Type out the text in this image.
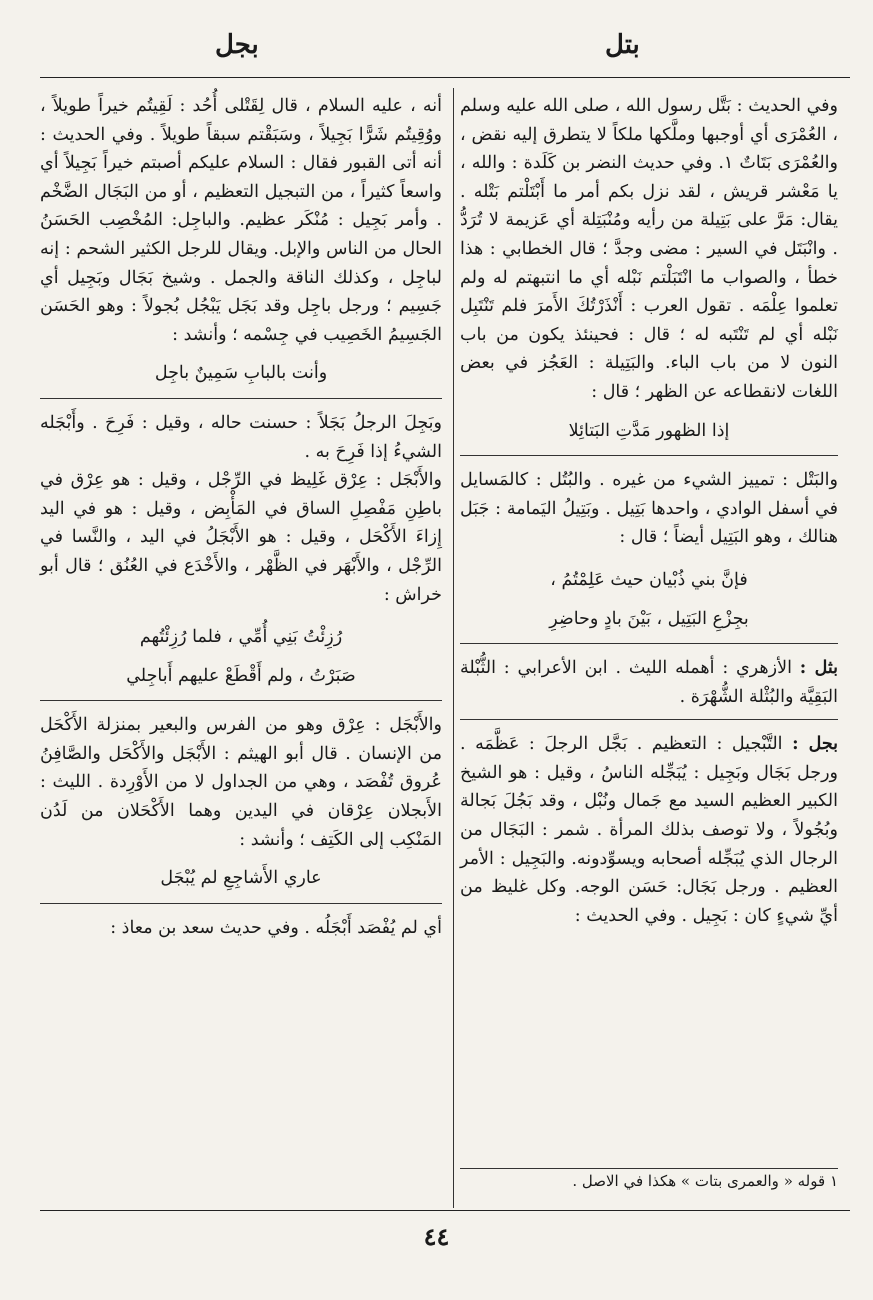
بتل
بجل

وفي الحديث : بَتَّل رسول الله ، صلى الله عليه وسلم ، العُمْرَى أي أوجبها وملَّكها ملكاً لا يتطرق إليه نقض ، والعُمْرَى بَتَاتٌ ١. وفي حديث النضر بن كَلَدة : والله ، يا مَعْشر قريش ، لقد نزل بكم أمر ما أَبْتَلْتم بَتْله . يقال: مَرَّ على بَتِيلة من رأيه ومُنْبَتِلة أي عَزيمة لا تُرَدُّ . وانْبَتَل في السير : مضى وجدَّ ؛ قال الخطابي : هذا خطأ ، والصواب ما انْتَبَلْتم نَبْله أي ما انتبهتم له ولم تعلموا عِلْمَه . تقول العرب : أَنْذَرْتُكَ الأَمرَ فلم تَنْتَبِل نَبْله أي لم تَنْتَبه له ؛ قال : فحينئذ يكون من باب النون لا من باب الباء. والبَتِيلة : العَجُز في بعض اللغات لانقطاعه عن الظهر ؛ قال :

إذا الظهور مَدَّتِ البَتائِلا

والبَتْل : تمييز الشيء من غيره . والبُتُل : كالمَسايل في أسفل الوادي ، واحدها بَتِيل . وبَتِيلُ اليَمامة : جَبَل هنالك ، وهو البَتِيل أيضاً ؛ قال :

فإنَّ بني ذُبْيان حيث عَلِمْتُمُ ،

بجِزْعِ البَتِيل ، بَيْنَ بادٍ وحاضِرِ

بثل : الأزهري : أهمله الليث . ابن الأعرابي : الثُّبْلة البَقِيَّة والبُثْلة الشُّهْرَة .

بجل : التَّبْجيل : التعظيم . بَجَّل الرجلَ : عَظَّمَه . ورجل بَجَال وبَجِيل : يُبَجِّله الناسُ ، وقيل : هو الشيخ الكبير العظيم السيد مع جَمال ونُبْل ، وقد بَجُلَ بَجالة وبُجُولاً ، ولا توصف بذلك المرأة . شمر : البَجَال من الرجال الذي يُبَجِّله أصحابه ويسوِّدونه. والبَجِيل : الأمر العظيم . ورجل بَجَال: حَسَن الوجه. وكل غليظ من أيِّ شيءٍ كان : بَجِيل . وفي الحديث :

أنه ، عليه السلام ، قال لِقَتْلى أُحُد : لَقِيتُم خيراً طويلاً ، ووُقِيتُم شَرًّا بَجِيلاً ، وسَبَقْتم سبقاً طويلاً . وفي الحديث : أنه أتى القبور فقال : السلام عليكم أصبتم خيراً بَجِيلاً أي واسعاً كثيراً ، من التبجيل التعظيم ، أو من البَجَال الضَّخْم . وأمر بَجِيل : مُنْكَر عظيم. والباجِل: المُخْصِب الحَسَنُ الحال من الناس والإبل. ويقال للرجل الكثير الشحم : إنه لباجِل ، وكذلك الناقة والجمل . وشيخ بَجَال وبَجِيل أي جَسِيم ؛ ورجل باجِل وقد بَجَل يَبْجُل بُجولاً : وهو الحَسَن الجَسِيمُ الخَصِيب في جِسْمه ؛ وأنشد :

وأنت بالبابِ سَمِينٌ باجِل

وبَجِلَ الرجلُ بَجَلاً : حسنت حاله ، وقيل : فَرِحَ . وأَبْجَله الشيءُ إذا فَرِحَ به .

والأَبْجَل : عِرْق غَلِيظ في الرِّجْل ، وقيل : هو عِرْق في باطِنِ مَفْصِلِ الساق في المَأْبِض ، وقيل : هو في اليد إِزاءَ الأَكْحَل ، وقيل : هو الأَبْجَلُ في اليد ، والنَّسا في الرِّجْل ، والأَبْهَر في الظَّهْر ، والأَخْدَع في العُنُق ؛ قال أبو خراش :

رُزِئْتُ بَنِي أُمِّي ، فلما رُزِئْتُهم

صَبَرْتُ ، ولم أَقْطَعْ عليهم أَباجِلي

والأَبْجَل : عِرْق وهو من الفرس والبعير بمنزلة الأَكْحَل من الإنسان . قال أبو الهيثم : الأَبْجَل والأَكْحَل والصَّافِنُ عُروق تُفْصَد ، وهي من الجداول لا من الأَوْرِدة . الليث : الأَبجلان عِرْقان في اليدين وهما الأَكْحَلان من لَدُن المَنْكِب إلى الكَتِف ؛ وأنشد :

عاري الأَشاجِعِ لم يُبْجَل

أي لم يُفْصَد أَبْجَلُه . وفي حديث سعد بن معاذ :

١ قوله « والعمرى بتات » هكذا في الاصل .
٤٤
